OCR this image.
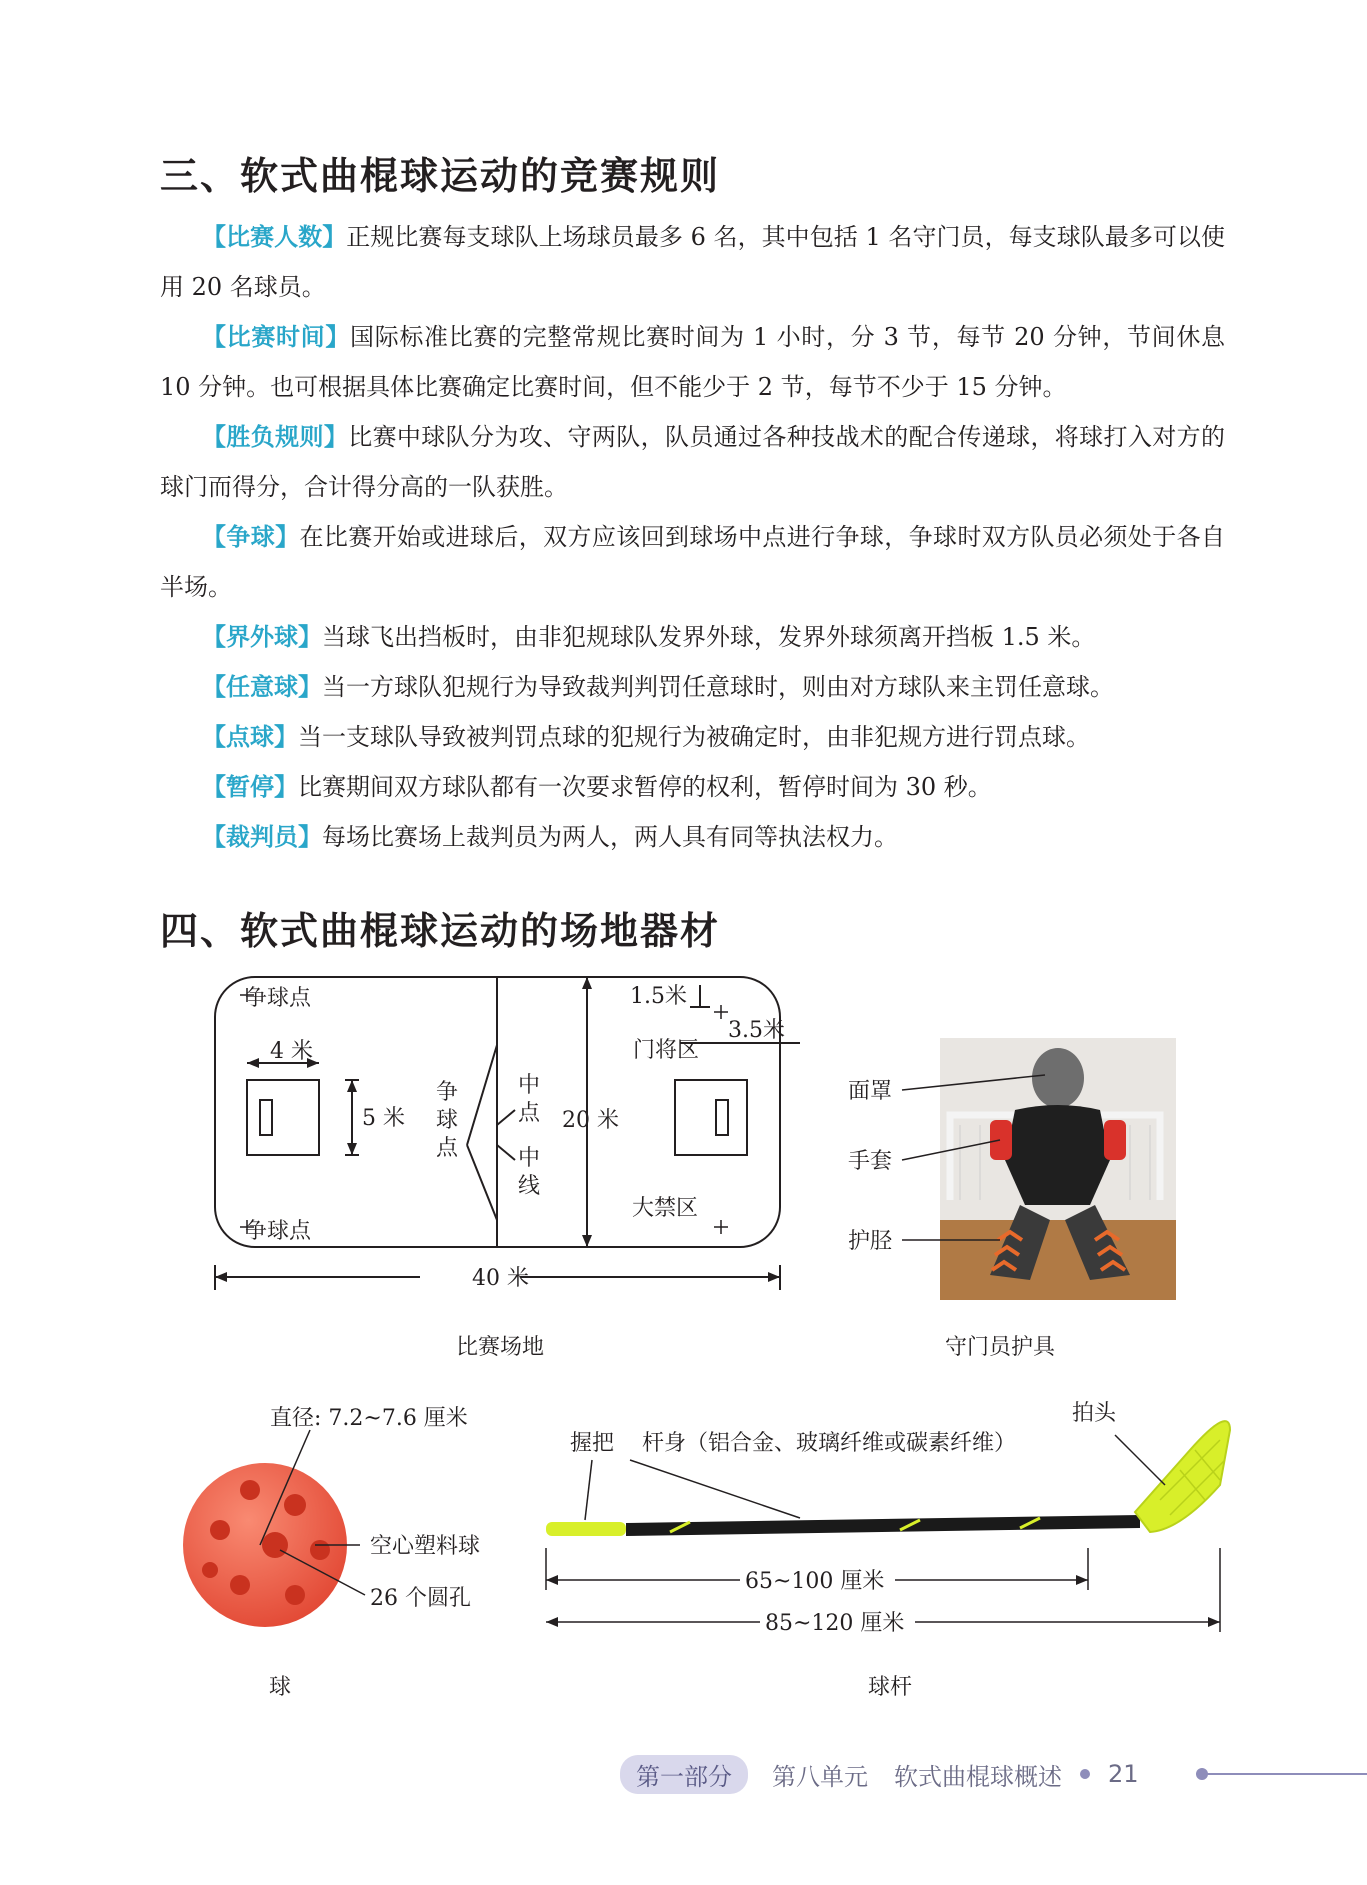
三、软式曲棍球运动的竞赛规则

【比赛人数】正规比赛每支球队上场球员最多 6 名，其中包括 1 名守门员，每支球队最多可以使用 20 名球员。

【比赛时间】国际标准比赛的完整常规比赛时间为 1 小时，分 3 节，每节 20 分钟，节间休息 10 分钟。也可根据具体比赛确定比赛时间，但不能少于 2 节，每节不少于 15 分钟。

【胜负规则】比赛中球队分为攻、守两队，队员通过各种技战术的配合传递球，将球打入对方的球门而得分，合计得分高的一队获胜。

【争球】在比赛开始或进球后，双方应该回到球场中点进行争球，争球时双方队员必须处于各自半场。

【界外球】当球飞出挡板时，由非犯规球队发界外球，发界外球须离开挡板 1.5 米。

【任意球】当一方球队犯规行为导致裁判判罚任意球时，则由对方球队来主罚任意球。

【点球】当一支球队导致被判罚点球的犯规行为被确定时，由非犯规方进行罚点球。

【暂停】比赛期间双方球队都有一次要求暂停的权利，暂停时间为 30 秒。

【裁判员】每场比赛场上裁判员为两人，两人具有同等执法权力。

四、软式曲棍球运动的场地器材
争球点
争球点
4 米
5 米
争
球
点
中
点
中
线
20 米
1.5米
3.5米
门将区
大禁区
40 米
比赛场地
面罩
手套
护胫
守门员护具
直径: 7.2~7.6 厘米
空心塑料球
26 个圆孔
球
握把 杆身（铝合金、玻璃纤维或碳素纤维）
拍头
65~100 厘米
85~120 厘米
球杆
第一部分	第八单元 软式曲棍球概述 21
